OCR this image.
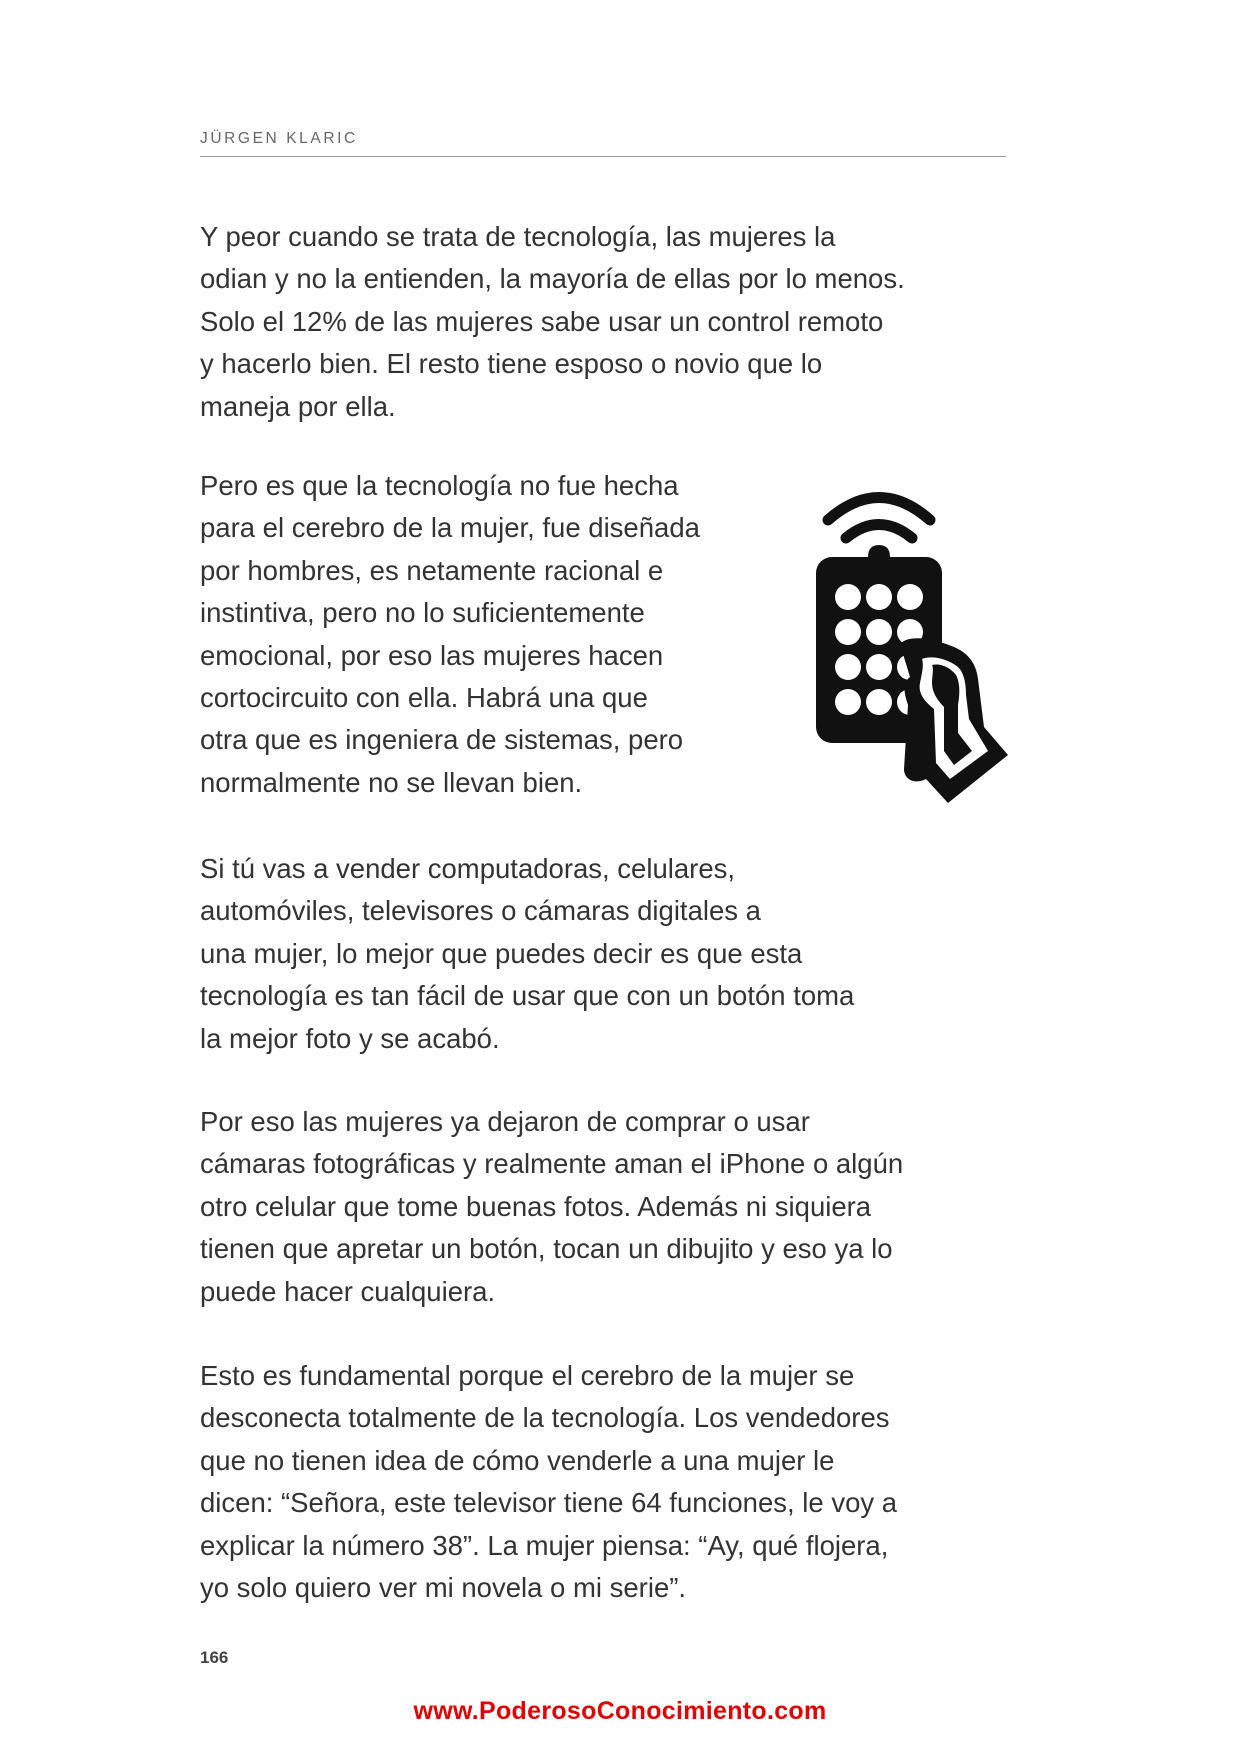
JÜRGEN KLARIC

Y peor cuando se trata de tecnología, las mujeres la
odian y no la entienden, la mayoría de ellas por lo menos.
Solo el 12% de las mujeres sabe usar un control remoto
y hacerlo bien. El resto tiene esposo o novio que lo
maneja por ella.

Pero es que la tecnología no fue hecha
para el cerebro de la mujer, fue diseñada
por hombres, es netamente racional e
instintiva, pero no lo suficientemente
emocional, por eso las mujeres hacen
cortocircuito con ella. Habrá una que
otra que es ingeniera de sistemas, pero
normalmente no se llevan bien.

Si tú vas a vender computadoras, celulares,
automóviles, televisores o cámaras digitales a
una mujer, lo mejor que puedes decir es que esta
tecnología es tan fácil de usar que con un botón toma
la mejor foto y se acabó.

Por eso las mujeres ya dejaron de comprar o usar
cámaras fotográficas y realmente aman el iPhone o algún
otro celular que tome buenas fotos. Además ni siquiera
tienen que apretar un botón, tocan un dibujito y eso ya lo
puede hacer cualquiera.

Esto es fundamental porque el cerebro de la mujer se
desconecta totalmente de la tecnología. Los vendedores
que no tienen idea de cómo venderle a una mujer le
dicen: “Señora, este televisor tiene 64 funciones, le voy a
explicar la número 38”. La mujer piensa: “Ay, qué flojera,
yo solo quiero ver mi novela o mi serie”.

166
www.PoderosoConocimiento.com
